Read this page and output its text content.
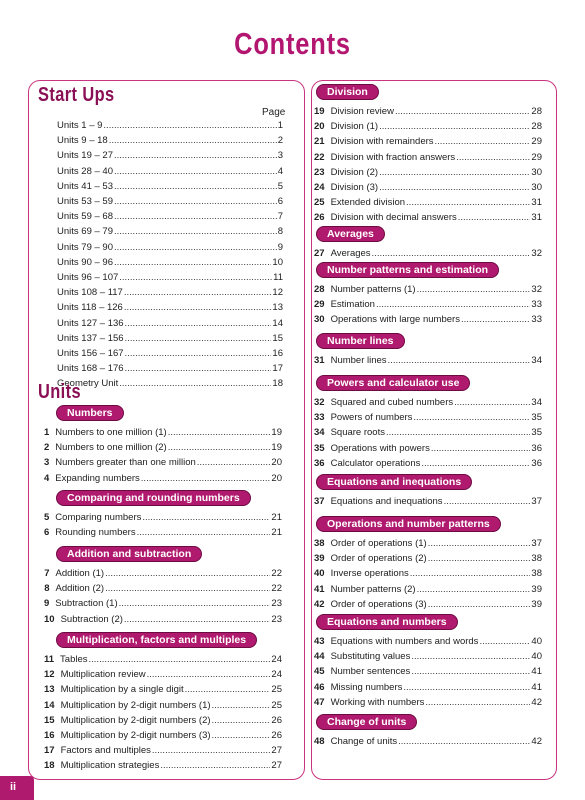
Contents
Start Ups
Page
Units 1 – 9 .....	1
Units 9 – 18 .....	2
Units 19 – 27 .....	3
Units 28 – 40 .....	4
Units 41 – 53 .....	5
Units 53 – 59 .....	6
Units 59 – 68 .....	7
Units 69 – 79 .....	8
Units 79 – 90 .....	9
Units 90 – 96 .....	10
Units 96 – 107 .....	11
Units 108 – 117 .....	12
Units 118 – 126 .....	13
Units 127 – 136 .....	14
Units 137 – 156 .....	15
Units 156 – 167 .....	16
Units 168 – 176 .....	17
Geometry Unit .....	18
Units
Numbers
1 Numbers to one million (1) .....	19
2 Numbers to one million (2) .....	19
3 Numbers greater than one million .....	20
4 Expanding numbers .....	20
Comparing and rounding numbers
5 Comparing numbers .....	21
6 Rounding numbers .....	21
Addition and subtraction
7 Addition (1) .....	22
8 Addition (2) .....	22
9 Subtraction (1) .....	23
10 Subtraction (2) .....	23
Multiplication, factors and multiples
11 Tables .....	24
12 Multiplication review .....	24
13 Multiplication by a single digit .....	25
14 Multiplication by 2-digit numbers (1) .....	25
15 Multiplication by 2-digit numbers (2) .....	26
16 Multiplication by 2-digit numbers (3) .....	26
17 Factors and multiples .....	27
18 Multiplication strategies .....	27
Division
19 Division review .....	28
20 Division (1) .....	28
21 Division with remainders .....	29
22 Division with fraction answers .....	29
23 Division (2) .....	30
24 Division (3) .....	30
25 Extended division .....	31
26 Division with decimal answers .....	31
Averages
27 Averages .....	32
Number patterns and estimation
28 Number patterns (1) .....	32
29 Estimation .....	33
30 Operations with large numbers .....	33
Number lines
31 Number lines .....	34
Powers and calculator use
32 Squared and cubed numbers .....	34
33 Powers of numbers .....	35
34 Square roots .....	35
35 Operations with powers .....	36
36 Calculator operations .....	36
Equations and inequations
37 Equations and inequations .....	37
Operations and number patterns
38 Order of operations (1) .....	37
39 Order of operations (2) .....	38
40 Inverse operations .....	38
41 Number patterns (2) .....	39
42 Order of operations (3) .....	39
Equations and numbers
43 Equations with numbers and words .....	40
44 Substituting values .....	40
45 Number sentences .....	41
46 Missing numbers .....	41
47 Working with numbers .....	42
Change of units
48 Change of units .....	42
ii
